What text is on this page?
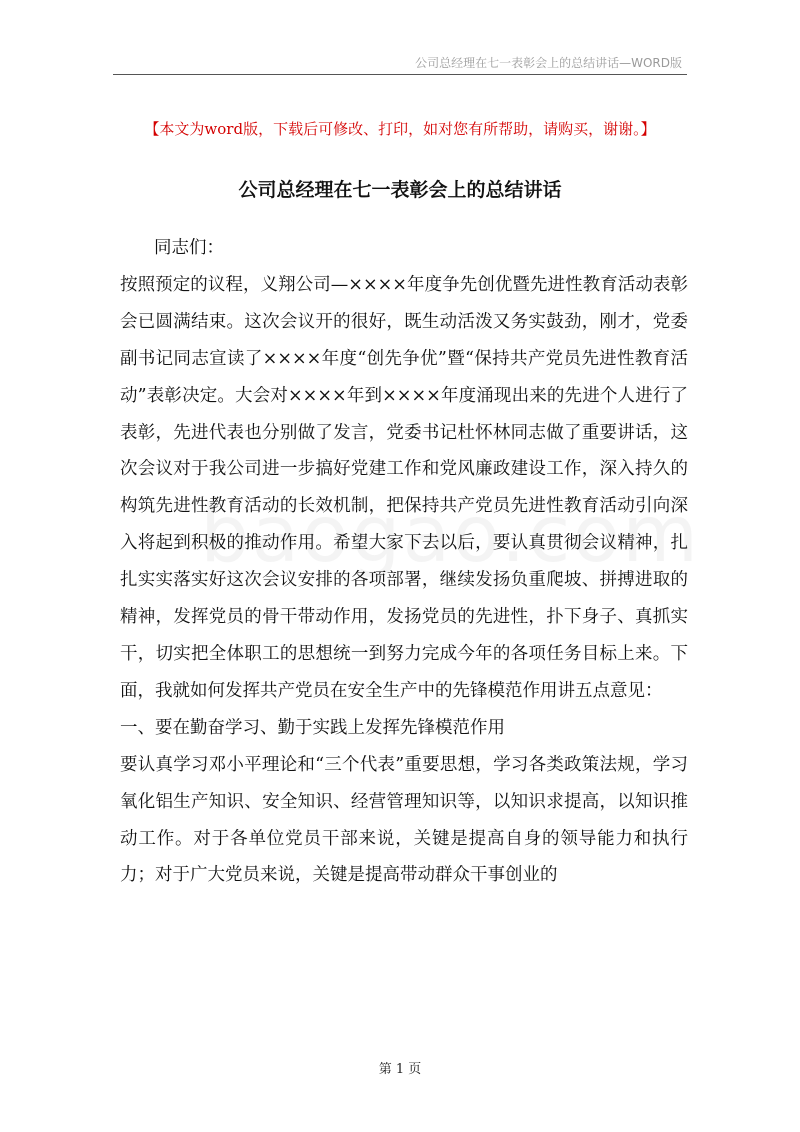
公司总经理在七一表彰会上的总结讲话—WORD版
【本文为word版，下载后可修改、打印，如对您有所帮助，请购买，谢谢。】
公司总经理在七一表彰会上的总结讲话

同志们：

按照预定的议程，义翔公司—××××年度争先创优暨先进性教育活动表彰会已圆满结束。这次会议开的很好，既生动活泼又务实鼓劲，刚才，党委副书记同志宣读了××××年度“创先争优”暨“保持共产党员先进性教育活动”表彰决定。大会对××××年到××××年度涌现出来的先进个人进行了表彰，先进代表也分别做了发言，党委书记杜怀林同志做了重要讲话，这次会议对于我公司进一步搞好党建工作和党风廉政建设工作，深入持久的构筑先进性教育活动的长效机制，把保持共产党员先进性教育活动引向深入将起到积极的推动作用。希望大家下去以后，要认真贯彻会议精神，扎扎实实落实好这次会议安排的各项部署，继续发扬负重爬坡、拼搏进取的精神，发挥党员的骨干带动作用，发扬党员的先进性，扑下身子、真抓实干，切实把全体职工的思想统一到努力完成今年的各项任务目标上来。下面，我就如何发挥共产党员在安全生产中的先锋模范作用讲五点意见：

一、要在勤奋学习、勤于实践上发挥先锋模范作用

要认真学习邓小平理论和“三个代表”重要思想，学习各类政策法规，学习氧化铝生产知识、安全知识、经营管理知识等，以知识求提高，以知识推动工作。对于各单位党员干部来说，关键是提高自身的领导能力和执行力；对于广大党员来说，关键是提高带动群众干事创业的

第 1 页
